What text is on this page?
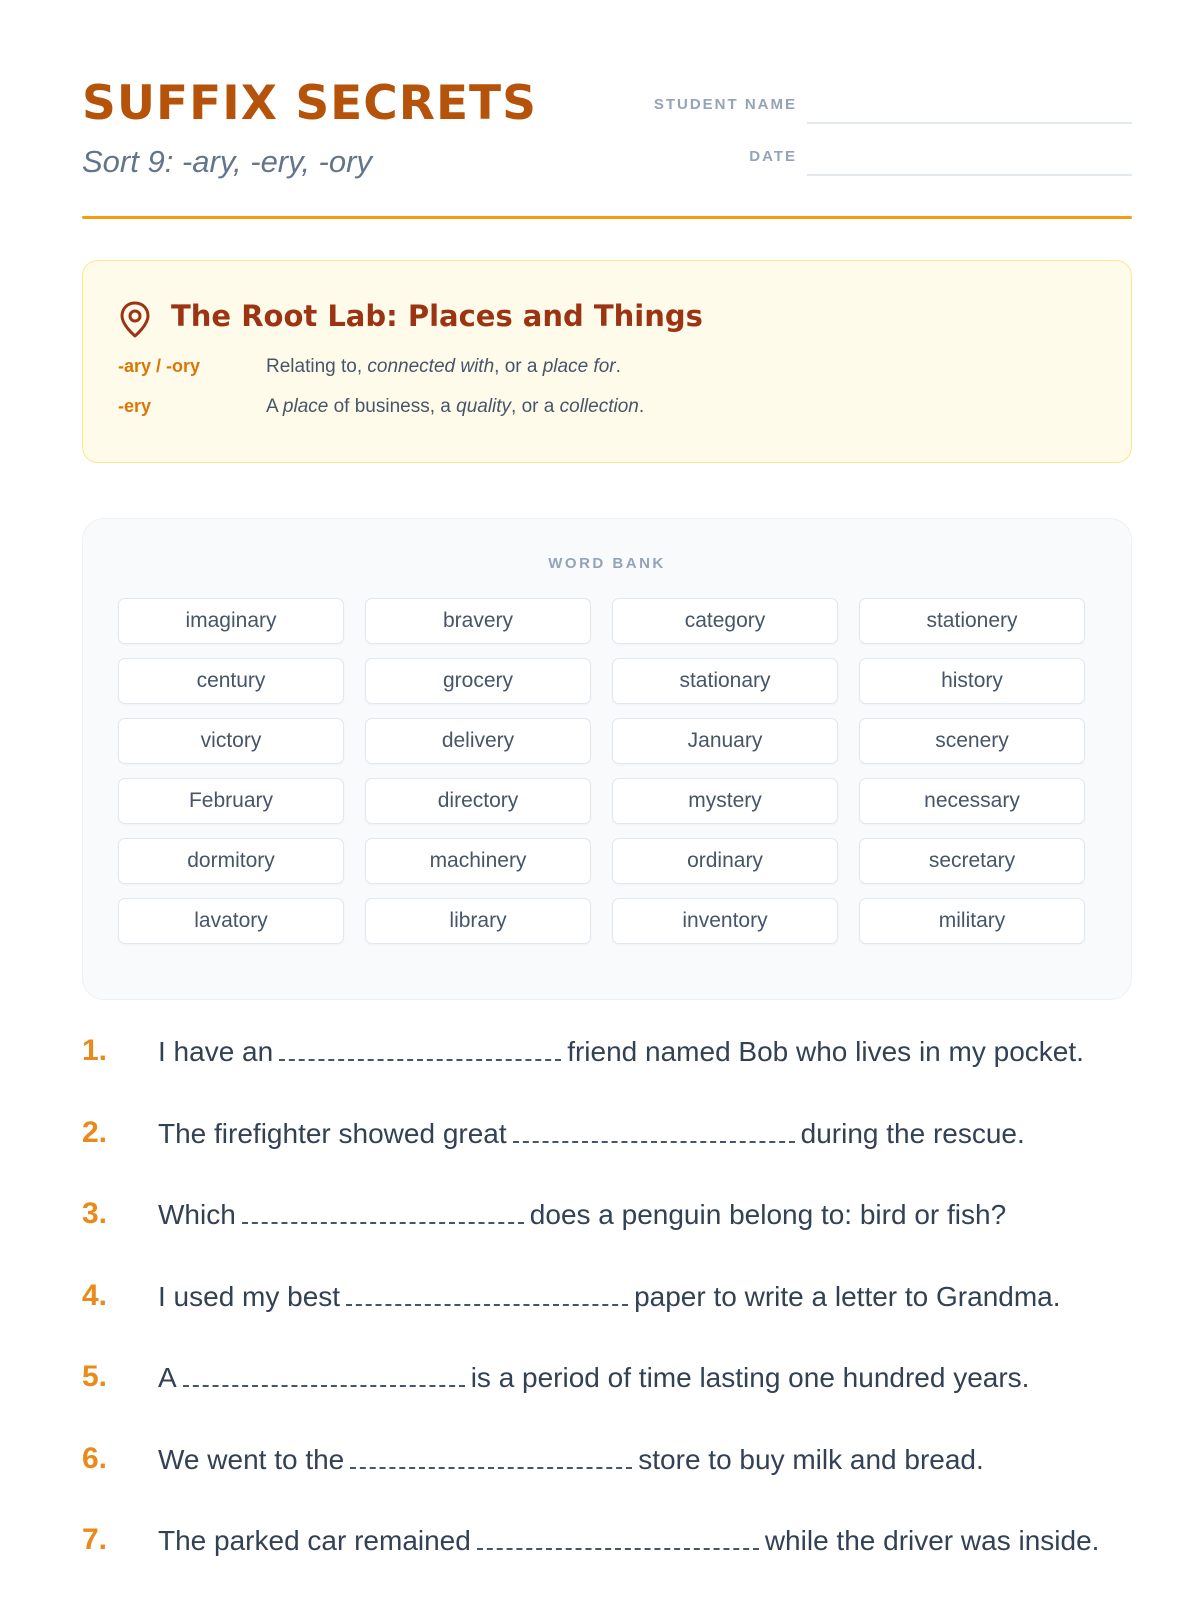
SUFFIX SECRETS
Sort 9: -ary, -ery, -ory
STUDENT NAME
DATE
The Root Lab: Places and Things
-ary / -ory	Relating to, connected with, or a place for.
-ery	A place of business, a quality, or a collection.
WORD BANK
imaginary	bravery	category	stationery
century	grocery	stationary	history
victory	delivery	January	scenery
February	directory	mystery	necessary
dormitory	machinery	ordinary	secretary
lavatory	library	inventory	military
1. I have an	friend named Bob who lives in my pocket.
2. The firefighter showed great	during the rescue.
3. Which	does a penguin belong to: bird or fish?
4. I used my best	paper to write a letter to Grandma.
5. A	is a period of time lasting one hundred years.
6. We went to the	store to buy milk and bread.
7. The parked car remained	while the driver was inside.
